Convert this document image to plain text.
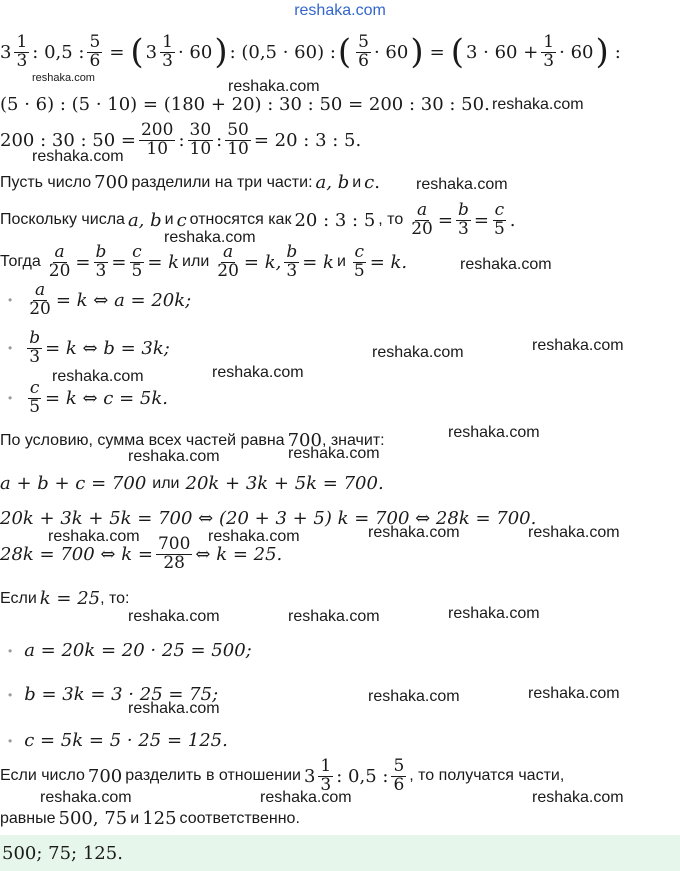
reshaka.com
$3 \frac{1}{3}$ : 0,5 : $\frac{5}{6}$ = ( $3 \frac{1}{3} \cdot 60$ ) : (0,5 · 60) : ( $\frac{5}{6} \cdot 60$ ) = ( $3 \cdot 60 + \frac{1}{3} \cdot 60$ ) :
(5 · 6) : (5 · 10) = (180 + 20) : 30 : 50 = 200 : 30 : 50.
200 : 30 : $50 = \frac{200}{10}$ : $\frac{30}{10}$ : $\frac{50}{10} = 20$ : 3 : 5.
Пусть число 700 разделили на три части: a, b и c .
Поскольку числа a, b и c относятся как 20 : 3 : 5 , то $\frac{a}{20} = \frac{b}{3} = \frac{c}{5}$ .
Тогда $\frac{a}{20} = \frac{b}{3} = \frac{c}{5} = k$ или $\frac{a}{20} = k$, $\frac{b}{3} = k$ и $\frac{c}{5} = k$.
• $\frac{a}{20} = k$ ⇔ a = 20k;
• $\frac{b}{3} = k$ ⇔ b = 3k;
• $\frac{c}{5} = k$ ⇔ c = 5k.
По условию, сумма всех частей равна 700 , значит:
a + b + c = 700 или 20k + 3k + 5k = 700.
20k + 3k + 5k = 700 ⇔ (20 + 3 + 5) k = 700 ⇔ 28k = 700.
28k = 700 ⇔ $k = \frac{700}{28}$ ⇔ k = 25.
Если k = 25 , то:
• a = 20k = 20 · 25 = 500;
• b = 3k = 3 · 25 = 75;
• c = 5k = 5 · 25 = 125.
Если число 700 разделить в отношении $3 \frac{1}{3}$ : 0,5 : $\frac{5}{6}$ , то получатся части,
равные 500, 75 и 125 соответственно.
500; 75; 125.
reshaka.com	reshaka.com
reshaka.com
reshaka.com
reshaka.com
reshaka.com
reshaka.com
reshaka.com
reshaka.com
reshaka.com
reshaka.com
reshaka.com
reshaka.com
reshaka.com
reshaka.com	reshaka.com
reshaka.com	reshaka.com
reshaka.com
reshaka.com	reshaka.com
reshaka.com
reshaka.com
reshaka.com
reshaka.com	reshaka.com	reshaka.com
